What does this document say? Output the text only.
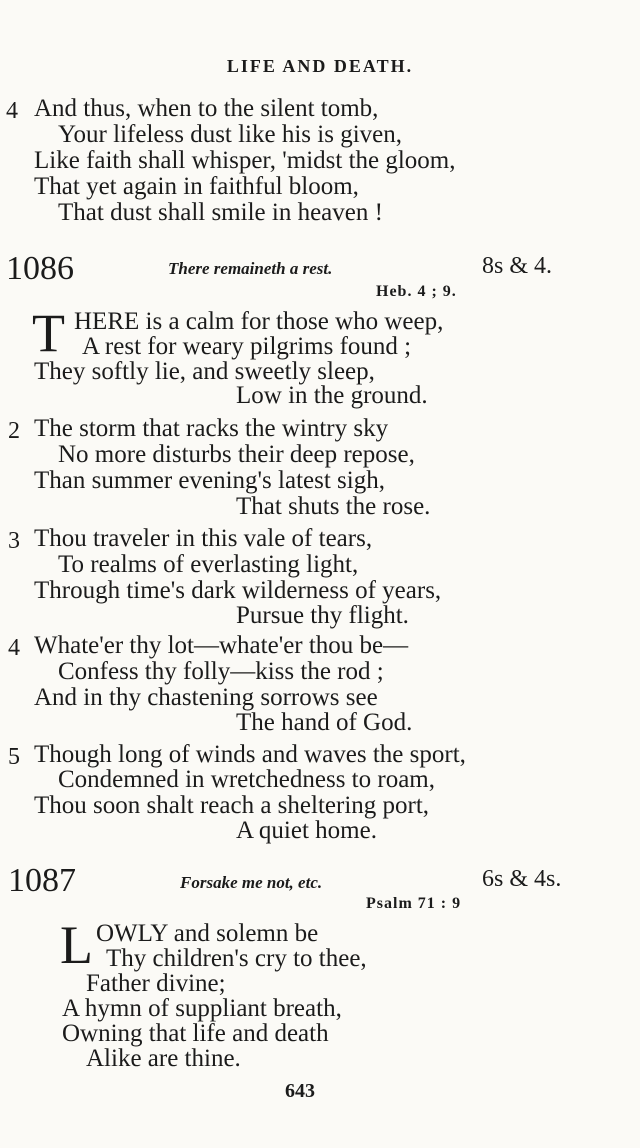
LIFE AND DEATH.
4 And thus, when to the silent tomb,
Your lifeless dust like his is given,
Like faith shall whisper, 'midst the gloom,
That yet again in faithful bloom,
That dust shall smile in heaven !
1086	There remaineth a rest.	8s & 4.
Heb. 4 ; 9.
T HERE is a calm for those who weep,
A rest for weary pilgrims found ;
They softly lie, and sweetly sleep,
Low in the ground.
2 The storm that racks the wintry sky
No more disturbs their deep repose,
Than summer evening's latest sigh,
That shuts the rose.
3 Thou traveler in this vale of tears,
To realms of everlasting light,
Through time's dark wilderness of years,
Pursue thy flight.
4 Whate'er thy lot—whate'er thou be—
Confess thy folly—kiss the rod ;
And in thy chastening sorrows see
The hand of God.
5 Though long of winds and waves the sport,
Condemned in wretchedness to roam,
Thou soon shalt reach a sheltering port,
A quiet home.
1087	Forsake me not, etc.	6s & 4s.
Psalm 71 : 9
L OWLY and solemn be
Thy children's cry to thee,
Father divine;
A hymn of suppliant breath,
Owning that life and death
Alike are thine.
643
